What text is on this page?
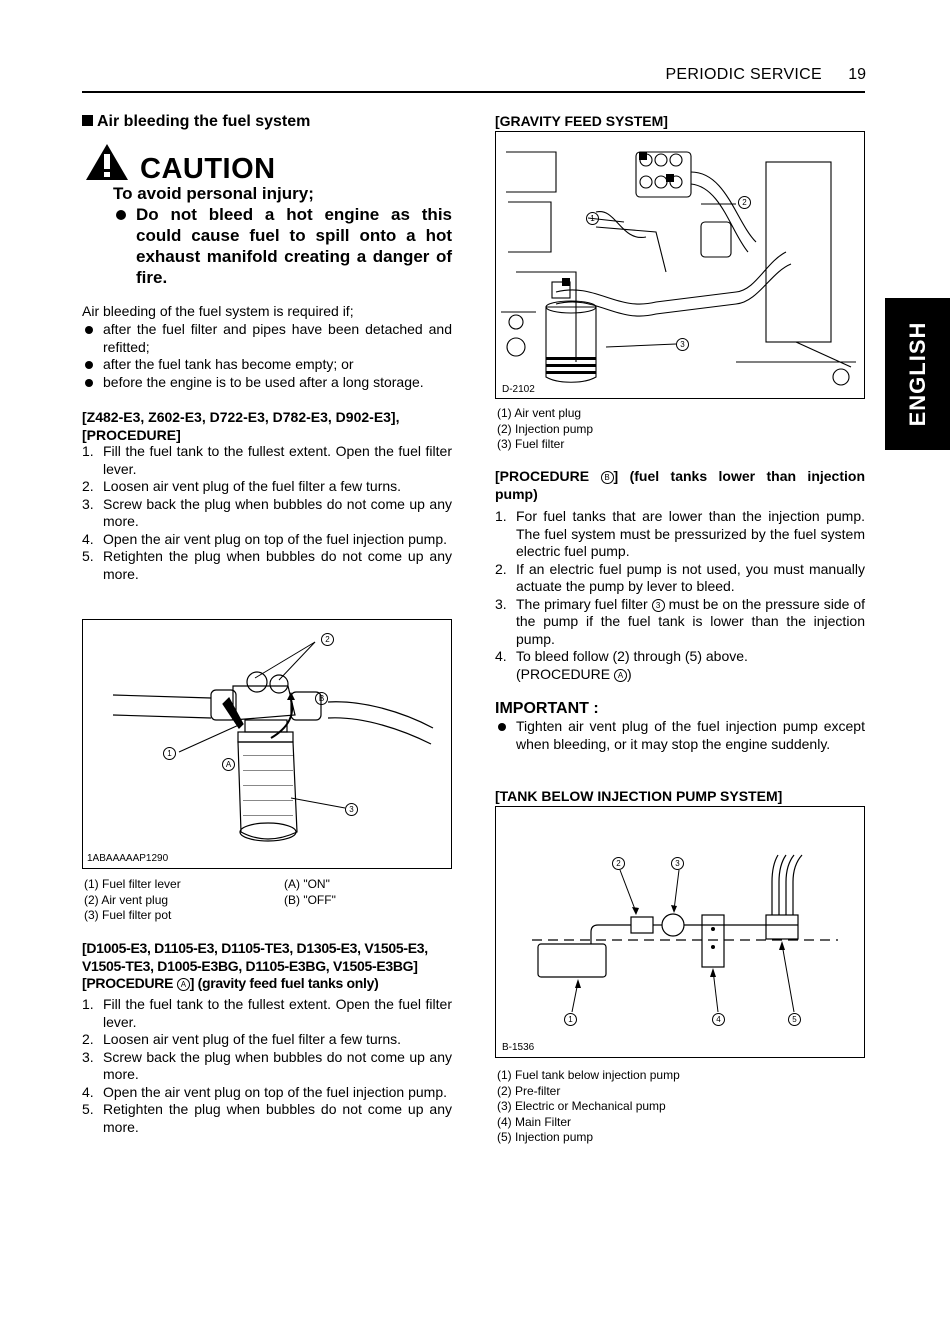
PERIODIC SERVICE 19
ENGLISH
Air bleeding the fuel system
CAUTION
To avoid personal injury;
Do not bleed a hot engine as this could cause fuel to spill onto a hot exhaust manifold creating a danger of fire.
Air bleeding of the fuel system is required if;
after the fuel filter and pipes have been detached and refitted;
after the fuel tank has become empty; or
before the engine is to be used after a long storage.
[Z482-E3, Z602-E3, D722-E3, D782-E3, D902-E3],
[PROCEDURE]
1. Fill the fuel tank to the fullest extent. Open the fuel filter lever.
2. Loosen air vent plug of the fuel filter a few turns.
3. Screw back the plug when bubbles do not come up any more.
4. Open the air vent plug on top of the fuel injection pump.
5. Retighten the plug when bubbles do not come up any more.
2
B
1
A
3
1ABAAAAAP1290
(1) Fuel filter lever
(2) Air vent plug
(3) Fuel filter pot
(A) "ON"
(B) "OFF"
[D1005-E3, D1105-E3, D1105-TE3, D1305-E3, V1505-E3,
V1505-TE3, D1005-E3BG, D1105-E3BG, V1505-E3BG]
[PROCEDURE A ] (gravity feed fuel tanks only)
1. Fill the fuel tank to the fullest extent. Open the fuel filter lever.
2. Loosen air vent plug of the fuel filter a few turns.
3. Screw back the plug when bubbles do not come up any more.
4. Open the air vent plug on top of the fuel injection pump.
5. Retighten the plug when bubbles do not come up any more.
[GRAVITY FEED SYSTEM]
1
2
3
D-2102
(1) Air vent plug
(2) Injection pump
(3) Fuel filter
[PROCEDURE B ] (fuel tanks lower than injection pump)
1. For fuel tanks that are lower than the injection pump. The fuel system must be pressurized by the fuel system electric fuel pump.
2. If an electric fuel pump is not used, you must manually actuate the pump by lever to bleed.
3. The primary fuel filter 3 must be on the pressure side of the pump if the fuel tank is lower than the injection pump.
4. To bleed follow (2) through (5) above.
(PROCEDURE A )
IMPORTANT :
Tighten air vent plug of the fuel injection pump except when bleeding, or it may stop the engine suddenly.
[TANK BELOW INJECTION PUMP SYSTEM]
2	3
1	4	5
B-1536
(1) Fuel tank below injection pump
(2) Pre-filter
(3) Electric or Mechanical pump
(4) Main Filter
(5) Injection pump
